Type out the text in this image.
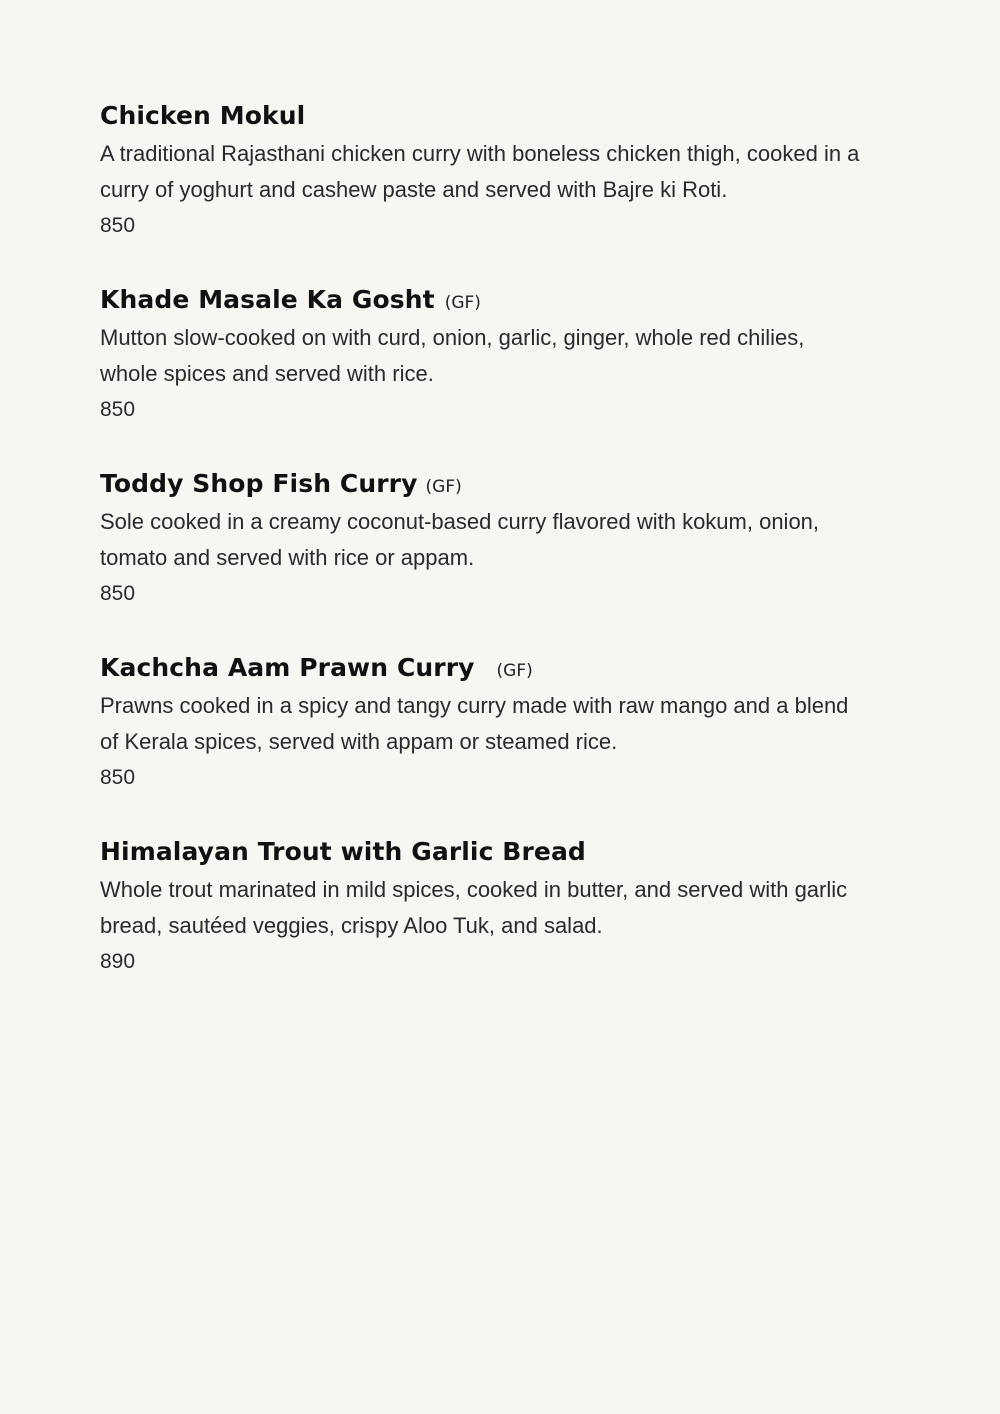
Chicken Mokul

A traditional Rajasthani chicken curry with boneless chicken thigh, cooked in a curry of yoghurt and cashew paste and served with Bajre ki Roti.

850

Khade Masale Ka Gosht (GF)

Mutton slow-cooked on with curd, onion, garlic, ginger, whole red chilies, whole spices and served with rice.

850

Toddy Shop Fish Curry (GF)

Sole cooked in a creamy coconut-based curry flavored with kokum, onion, tomato and served with rice or appam.

850

Kachcha Aam Prawn Curry (GF)

Prawns cooked in a spicy and tangy curry made with raw mango and a blend of Kerala spices, served with appam or steamed rice.

850

Himalayan Trout with Garlic Bread

Whole trout marinated in mild spices, cooked in butter, and served with garlic bread, sautéed veggies, crispy Aloo Tuk, and salad.

890
